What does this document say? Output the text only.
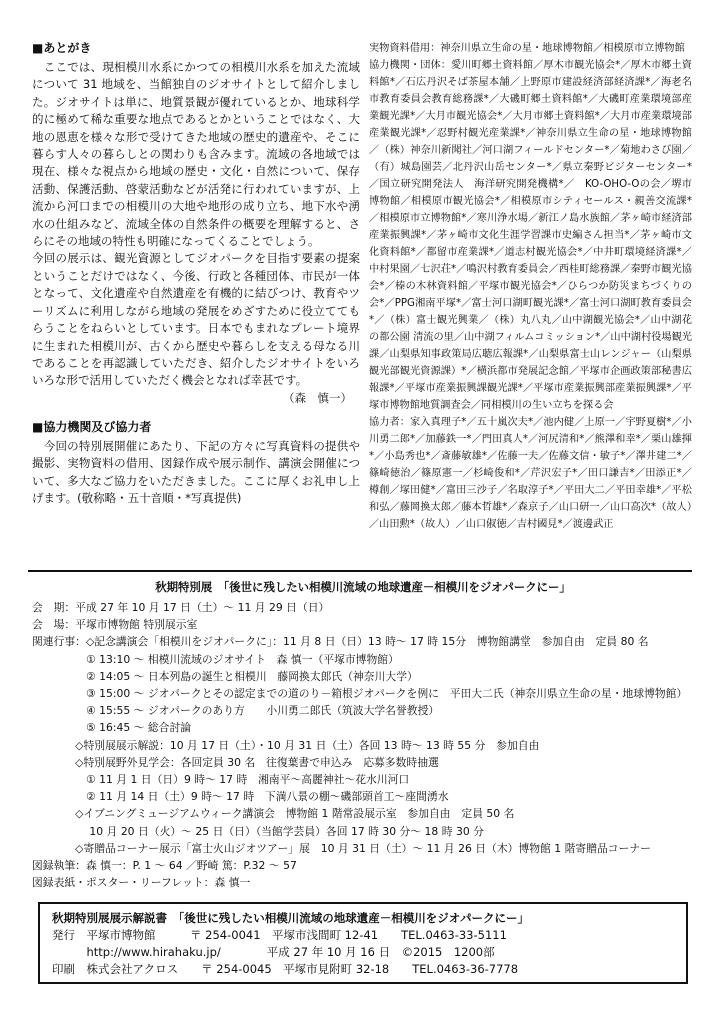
■あとがき

　ここでは、現相模川水系にかつての相模川水系を加えた流域について 31 地域を、当館独自のジオサイトとして紹介しました。ジオサイトは単に、地質景観が優れているとか、地球科学的に極めて稀な重要な地点であるとかということではなく、大地の恩恵を様々な形で受けてきた地域の歴史的遺産や、そこに暮らす人々の暮らしとの関わりも含みます。流域の各地域では現在、様々な視点から地域の歴史・文化・自然について、保存活動、保護活動、啓蒙活動などが活発に行われていますが、上流から河口までの相模川の大地や地形の成り立ち、地下水や湧水の仕組みなど、流域全体の自然条件の概要を理解すると、さらにその地域の特性も明確になってくることでしょう。
今回の展示は、観光資源としてジオパークを目指す要素の提案ということだけではなく、今後、行政と各種団体、市民が一体となって、文化遺産や自然遺産を有機的に結びつけ、教育やツーリズムに利用しながら地域の発展をめざすために役立ててもらうことをねらいとしています。日本でもまれなプレート境界に生まれた相模川が、古くから歴史や暮らしを支える母なる川であることを再認識していただき、紹介したジオサイトをいろいろな形で活用していただく機会となれば幸甚です。

（森　慎一）

■協力機関及び協力者

　今回の特別展開催にあたり、下記の方々に写真資料の提供や撮影、実物資料の借用、図録作成や展示制作、講演会開催について、多大なご協力をいただきました。ここに厚くお礼申し上げます。(敬称略・五十音順・*写真提供)

実物資料借用：神奈川県立生命の星・地球博物館／相模原市立博物館

協力機関・団体：愛川町郷土資料館／厚木市観光協会*／厚木市郷土資料館*／石広丹沢そば茶屋本舗／上野原市建設経済部経済課*／海老名市教育委員会教育総務課*／大磯町郷土資料館*／大磯町産業環境部産業観光課*／大月市観光協会*／大月市郷土資料館*／大月市産業環境部産業観光課*／忍野村観光産業課*／神奈川県立生命の星・地球博物館／（株）神奈川新聞社／河口湖フィールドセンター*／菊地わさび園／（有）城島園芸／北丹沢山岳センター*／県立秦野ビジターセンター*／国立研究開発法人　海洋研究開発機構*／　KO-OHO-Oの会／堺市博物館／相模原市観光協会*／相模原市シティセールス・親善交流課*／相模原市立博物館*／寒川浄水場／新江ノ島水族館／茅ヶ崎市経済部産業振興課*／茅ヶ崎市文化生涯学習課市史編さん担当*／茅ヶ崎市文化資料館*／都留市産業課*／道志村観光協会*／中井町環境経済課*／中村果園／七沢荘*／鳴沢村教育委員会／西桂町総務課／秦野市観光協会*／榛の木林資料館／平塚市観光協会*／ひらつか防災まちづくりの会*／PPG湘南平塚*／富士河口湖町観光課*／富士河口湖町教育委員会*／（株）富士観光興業／（株）丸八丸／山中湖観光協会*／山中湖花の都公園 清流の里／山中湖フィルムコミッション*／山中湖村役場観光課／山梨県知事政策局広聴広報課*／山梨県富士山レンジャー（山梨県観光部観光資源課）*／横浜都市発展記念館／平塚市企画政策部秘書広報課*／平塚市産業振興課観光課*／平塚市産業振興部産業振興課*／平塚市博物館地質調査会／同相模川の生い立ちを探る会

協力者：家入真理子*／五十嵐次夫*／池内健／上原一／宇野夏樹*／小川勇二郎*／加藤鉄一*／門田真人*／河尻清和*／熊澤和幸*／栗山雄揮*／小島秀也*／斎藤敏雄*／佐藤一夫／佐藤文信・敏子*／澤井建二*／篠崎徳治／篠原憲一／杉崎俊和*／芹沢宏子*／田口謙吉*／田添正*／樽創／塚田健*／富田三沙子／名取淳子*／平田大二／平田幸雄*／平松和弘／藤岡換太郎／藤本哲雄*／森京子／山口研一／山口高次*（故人）／山田勲*（故人）／山口俶徳／吉村國見*／渡邊武正

秋期特別展　「後世に残したい相模川流域の地球遺産－相模川をジオパークにー」

会　期：平成 27 年 10 月 17 日（土）～ 11 月 29 日（日）

会　場：平塚市博物館 特別展示室

関連行事：◇記念講演会「相模川をジオパークに」：11 月 8 日（日）13 時～ 17 時 15分　博物館講堂　参加自由　定員 80 名

　　　　　① 13:10 ～ 相模川流域のジオサイト　森 慎一（平塚市博物館）

　　　　　② 14:05 ～ 日本列島の誕生と相模川　藤岡換太郎氏（神奈川大学）

　　　　　③ 15:00 ～ ジオパークとその認定までの道のり－箱根ジオパークを例に　平田大二氏（神奈川県立生命の星・地球博物館）

　　　　　④ 15:55 ～ ジオパークのあり方　　小川勇二郎氏（筑波大学名誉教授）

　　　　　⑤ 16:45 ～ 総合討論

　　　　◇特別展展示解説：10 月 17 日（土）・10 月 31 日（土）各回 13 時～ 13 時 55 分　参加自由

　　　　◇特別展野外見学会：各回定員 30 名　往復葉書で申込み　応募多数時抽選

　　　　　① 11 月 1 日（日）9 時～ 17 時　湘南平～高麗神社～花水川河口

　　　　　② 11 月 14 日（土）9 時～ 17 時　下満八景の棚～磯部頭首工～座間湧水

　　　　◇イブニングミュージアムウィーク講演会　博物館 1 階常設展示室　参加自由　定員 50 名

　　　　　 10 月 20 日（火）～ 25 日（日）（当館学芸員）各回 17 時 30 分～ 18 時 30 分

　　　　◇寄贈品コーナー展示「富士火山ジオツアー」展　10 月 31 日（土）～ 11 月 26 日（木）博物館 1 階寄贈品コーナー

図録執筆：森 慎一：P. 1 ～ 64 ／野崎 篤：P.32 ～ 57

図録表紙・ポスター・リーフレット：森 慎一

秋期特別展展示解説書　「後世に残したい相模川流域の地球遺産－相模川をジオパークにー」

発行　平塚市博物館　　　〒 254-0041　平塚市浅間町 12-41　　TEL.0463-33-5111

　　　http://www.hirahaku.jp/　　　　平成 27 年 10 月 16 日　©2015　1200部

印刷　株式会社アクロス　　〒 254-0045　平塚市見附町 32-18　　TEL.0463-36-7778
